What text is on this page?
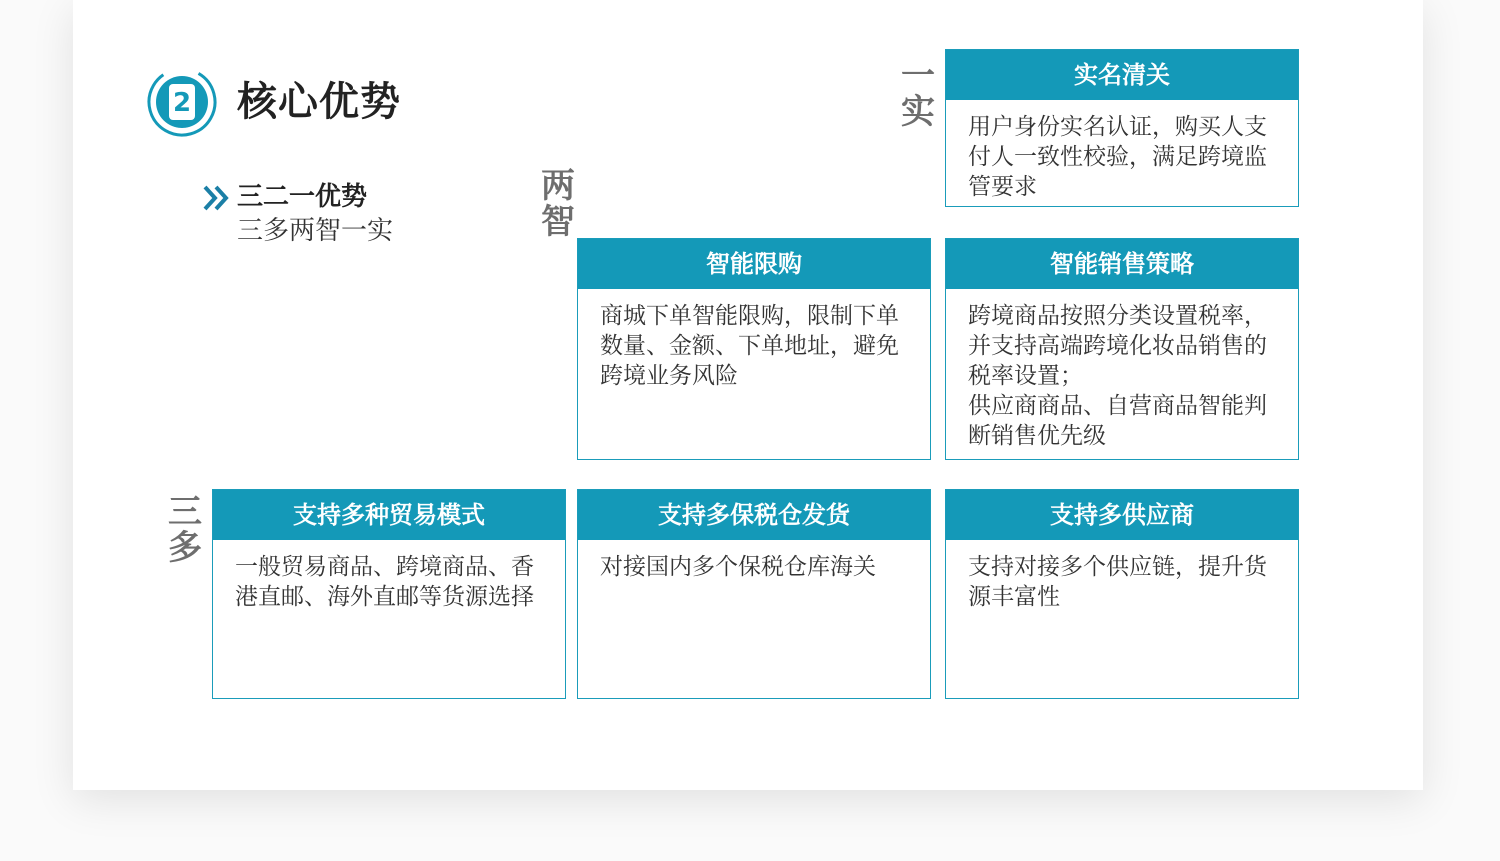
2 核心优势
三二一优势
三多两智一实
一
实
两
智
三
多
实名清关
用户身份实名认证，购买人支
付人一致性校验，满足跨境监
管要求
智能限购
商城下单智能限购，限制下单
数量、金额、下单地址，避免
跨境业务风险
智能销售策略
跨境商品按照分类设置税率，
并支持高端跨境化妆品销售的
税率设置；
供应商商品、自营商品智能判
断销售优先级
支持多种贸易模式
一般贸易商品、跨境商品、香
港直邮、海外直邮等货源选择
支持多保税仓发货
对接国内多个保税仓库海关
支持多供应商
支持对接多个供应链，提升货
源丰富性
